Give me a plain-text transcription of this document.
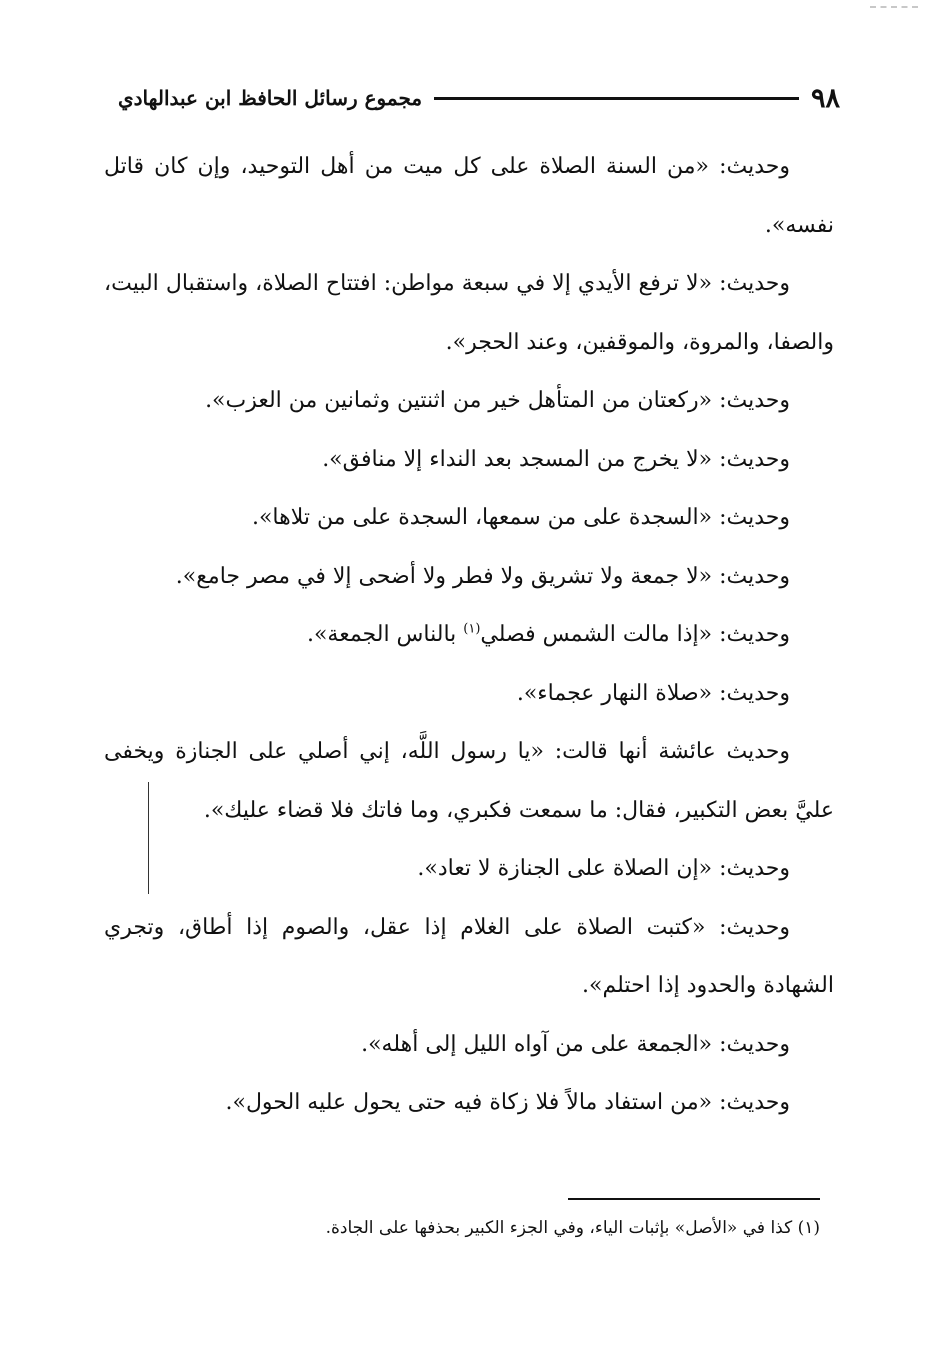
٩٨
مجموع رسائل الحافظ ابن عبدالهادي

وحديث: «من السنة الصلاة على كل ميت من أهل التوحيد، وإن كان قاتل نفسه».

وحديث: «لا ترفع الأيدي إلا في سبعة مواطن: افتتاح الصلاة، واستقبال البيت، والصفا، والمروة، والموقفين، وعند الحجر».

وحديث: «ركعتان من المتأهل خير من اثنتين وثمانين من العزب».

وحديث: «لا يخرج من المسجد بعد النداء إلا منافق».

وحديث: «السجدة على من سمعها، السجدة على من تلاها».

وحديث: «لا جمعة ولا تشريق ولا فطر ولا أضحى إلا في مصر جامع».

وحديث: «إذا مالت الشمس فصلي$^{(١)}$ بالناس الجمعة».

وحديث: «صلاة النهار عجماء».

وحديث عائشة أنها قالت: «يا رسول اللَّه، إني أصلي على الجنازة ويخفى عليَّ بعض التكبير، فقال: ما سمعت فكبري، وما فاتك فلا قضاء عليك».

وحديث: «إن الصلاة على الجنازة لا تعاد».

وحديث: «كتبت الصلاة على الغلام إذا عقل، والصوم إذا أطاق، وتجري الشهادة والحدود إذا احتلم».

وحديث: «الجمعة على من آواه الليل إلى أهله».

وحديث: «من استفاد مالاً فلا زكاة فيه حتى يحول عليه الحول».

(١) كذا في «الأصل» بإثبات الياء، وفي الجزء الكبير بحذفها على الجادة.
